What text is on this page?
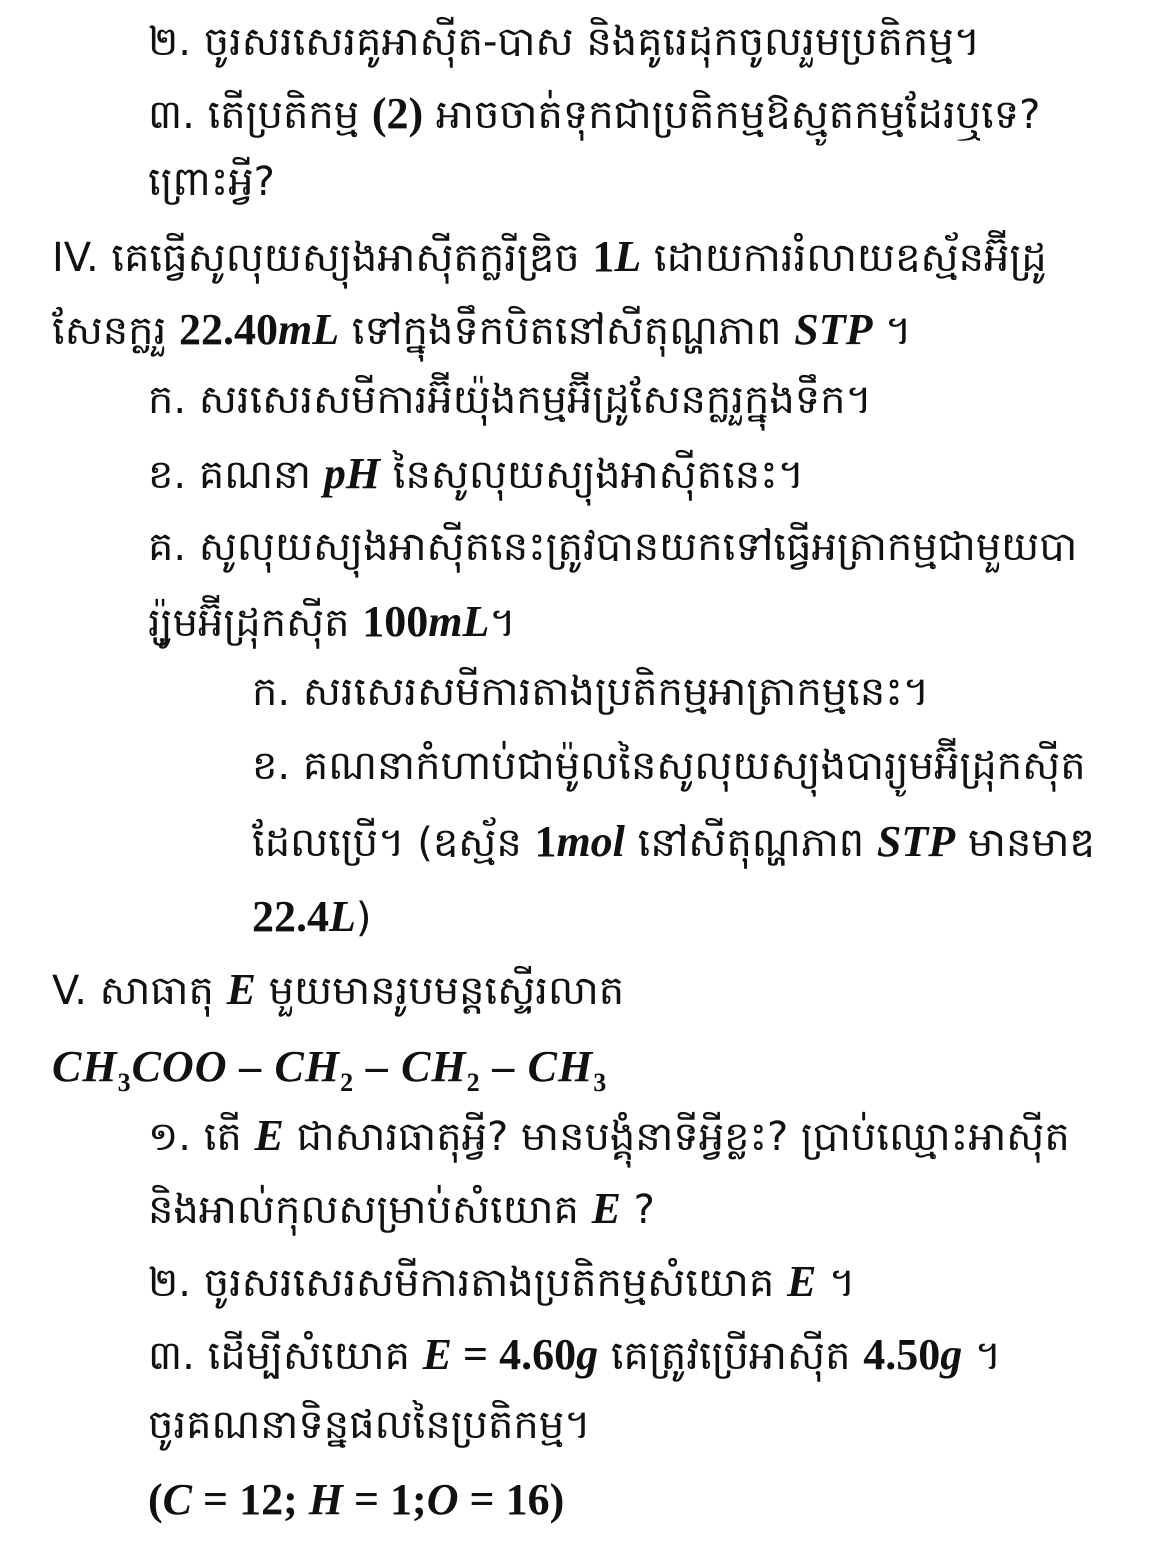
២. ចូរសរសេរគូអាស៊ីត-បាស និងគូរេដុកចូលរួមប្រតិកម្ម។
៣. តើប្រតិកម្ម (2) អាចចាត់ទុកជាប្រតិកម្មឱស្មូតកម្មដែរឬទេ?
ព្រោះអ្វី?
IV. គេធ្វើសូលុយស្យុងអាស៊ីតក្លរីឌ្រិច 1L ដោយការរំលាយឧស្ម័នអ៊ីដ្រូ
សែនក្លរួ 22.40mL ទៅក្នុងទឹកបិតនៅសីតុណ្ហភាព STP ។
ក. សរសេរសមីការអ៊ីយ៉ុងកម្មអ៊ីដ្រូសែនក្លរួក្នុងទឹក។
ខ. គណនា pH នៃសូលុយស្យុងអាស៊ីតនេះ។
គ. សូលុយស្យុងអាស៊ីតនេះត្រូវបានយកទៅធ្វើអត្រាកម្មជាមួយបា
រ្យ៉ូមអ៊ីដ្រុកស៊ីត 100mL។
ក. សរសេរសមីការតាងប្រតិកម្មអាត្រាកម្មនេះ។
ខ. គណនាកំហាប់ជាម៉ូលនៃសូលុយស្យុងបារ្យូមអ៊ីដ្រុកស៊ីត
ដែលប្រើ។ (ឧស្ម័ន 1mol នៅសីតុណ្ហភាព STP មានមាឌ
22.4L)
V. សាធាតុ E មួយមានរូបមន្តស្ទើរលាត
$CH_3COO - CH_2 - CH_2 - CH_3$
១. តើ E ជាសារធាតុអ្វី? មានបង្គុំនាទីអ្វីខ្លះ? ប្រាប់ឈ្មោះអាស៊ីត
និងអាល់កុលសម្រាប់សំយោគ E ?
២. ចូរសរសេរសមីការតាងប្រតិកម្មសំយោគ E ។
៣. ដើម្បីសំយោគ E = 4.60g គេត្រូវប្រើអាស៊ីត 4.50g ។
ចូរគណនាទិន្នផលនៃប្រតិកម្ម។
(C = 12; H = 1;O = 16)
